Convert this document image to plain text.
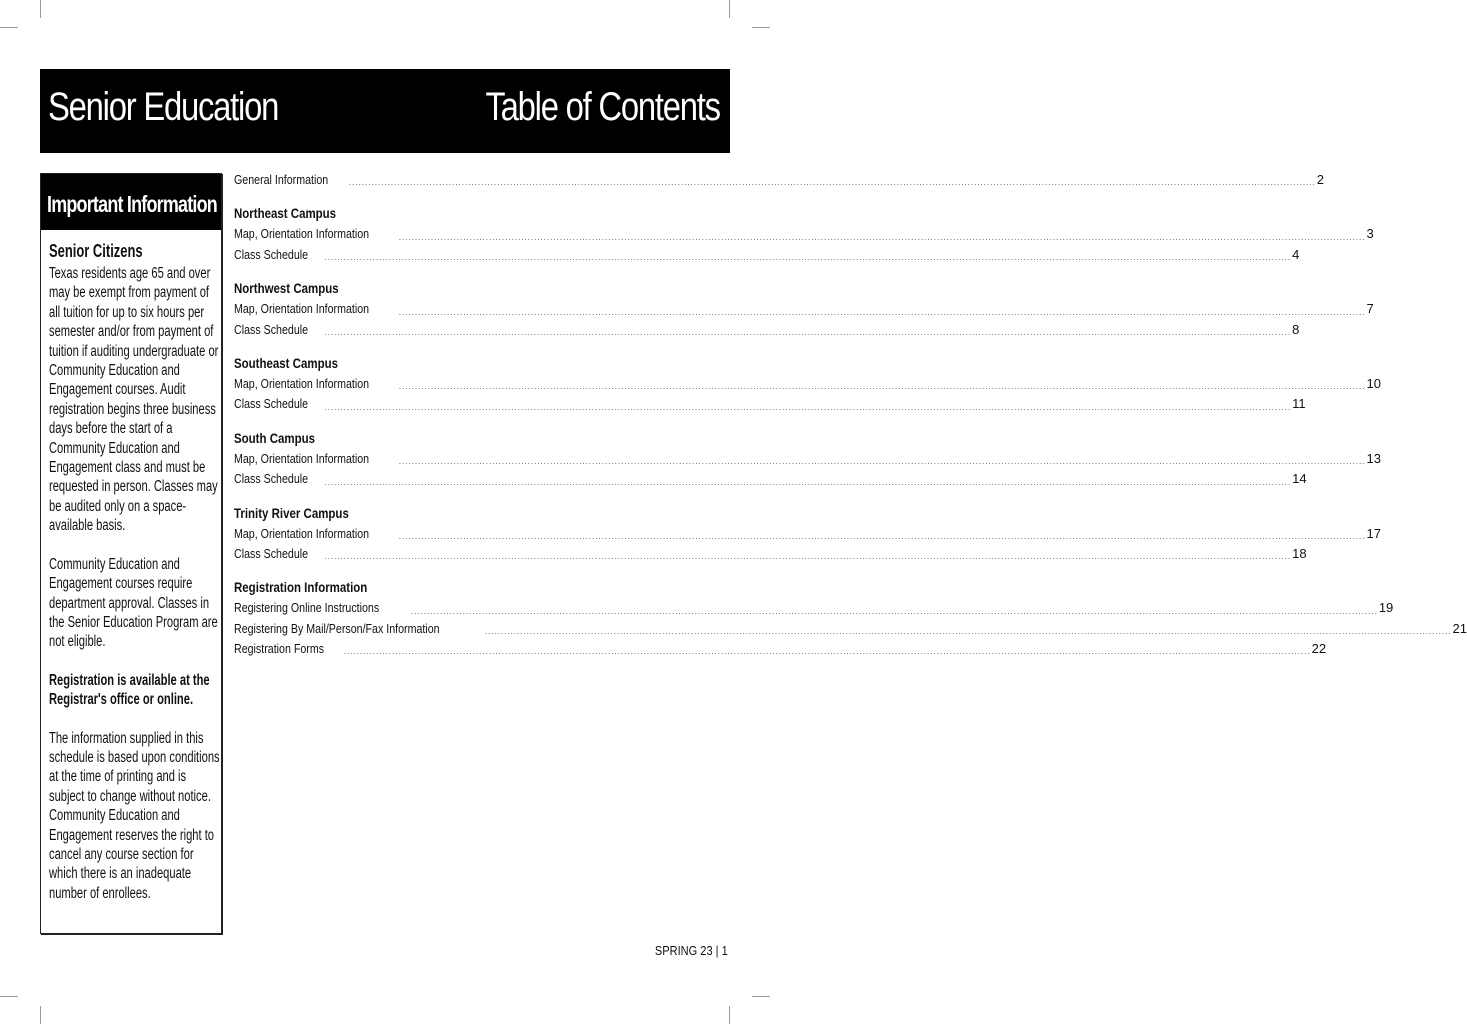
Senior Education	Table of Contents
Important Information
Senior Citizens

Texas residents age 65 and over may be exempt from payment of all tuition for up to six hours per semester and/or from payment of tuition if auditing undergraduate or Community Education and Engagement courses. Audit registration begins three business days before the start of a Community Education and Engagement class and must be requested in person. Classes may be audited only on a space-available basis.

Community Education and Engagement courses require department approval. Classes in the Senior Education Program are not eligible.

Registration is available at the Registrar's office or online.

The information supplied in this schedule is based upon conditions at the time of printing and is subject to change without notice. Community Education and Engagement reserves the right to cancel any course section for which there is an inadequate number of enrollees.

General Information	............................................................................................................................................................................................................................................................................................................ 2
Northeast Campus
Map, Orientation Information	............................................................................................................................................................................................................................................................................................................ 3
Class Schedule ............................................................................................................................................................................................................................................................................................................ 4
Northwest Campus
Map, Orientation Information	............................................................................................................................................................................................................................................................................................................ 7
Class Schedule ............................................................................................................................................................................................................................................................................................................ 8
Southeast Campus
Map, Orientation Information	............................................................................................................................................................................................................................................................................................................ 10
Class Schedule ............................................................................................................................................................................................................................................................................................................ 11
South Campus
Map, Orientation Information	............................................................................................................................................................................................................................................................................................................ 13
Class Schedule ............................................................................................................................................................................................................................................................................................................ 14
Trinity River Campus
Map, Orientation Information	............................................................................................................................................................................................................................................................................................................ 17
Class Schedule ............................................................................................................................................................................................................................................................................................................ 18
Registration Information
Registering Online Instructions	............................................................................................................................................................................................................................................................................................................ 19
Registering By Mail/Person/Fax Information	............................................................................................................................................................................................................................................................................................................ 21
Registration Forms ............................................................................................................................................................................................................................................................................................................ 22
SPRING 23 | 1
